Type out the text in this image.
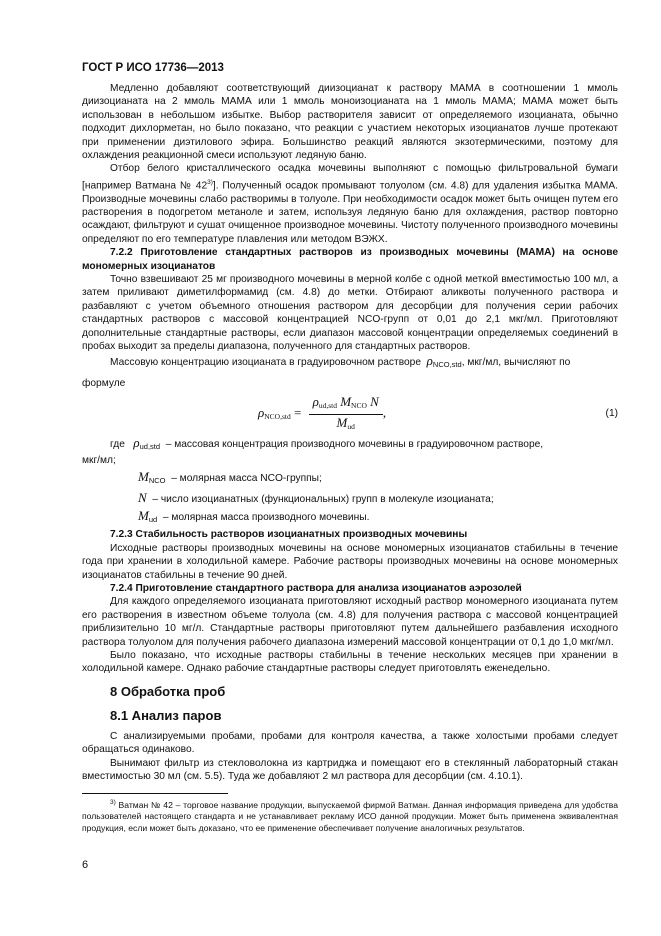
ГОСТ Р ИСО 17736—2013

Медленно добавляют соответствующий диизоцианат к раствору МАМА в соотношении 1 ммоль диизоцианата на 2 ммоль МАМА или 1 ммоль моноизоцианата на 1 ммоль МАМА; МАМА может быть использован в небольшом избытке. Выбор растворителя зависит от определяемого изоцианата, обычно подходит дихлорметан, но было показано, что реакции с участием некоторых изоцианатов лучше протекают при применении диэтилового эфира. Большинство реакций являются экзотермическими, поэтому для охлаждения реакционной смеси используют ледяную баню.

Отбор белого кристаллического осадка мочевины выполняют с помощью фильтровальной бумаги [например Ватмана № 42$^{3)}$]. Полученный осадок промывают толуолом (см. 4.8) для удаления избытка МАМА. Производные мочевины слабо растворимы в толуоле. При необходимости осадок может быть очищен путем его растворения в подогретом метаноле и затем, используя ледяную баню для охлаждения, раствор повторно осаждают, фильтруют и сушат очищенное производное мочевины. Чистоту полученного производного мочевины определяют по его температуре плавления или методом ВЭЖХ.

7.2.2 Приготовление стандартных растворов из производных мочевины (МАМА) на основе мономерных изоцианатов

Точно взвешивают 25 мг производного мочевины в мерной колбе с одной меткой вместимостью 100 мл, а затем приливают диметилформамид (см. 4.8) до метки. Отбирают аликвоты полученного раствора и разбавляют с учетом объемного отношения раствором для десорбции для получения серии рабочих стандартных растворов с массовой концентрацией NCO-групп от 0,01 до 2,1 мкг/мл. Приготовляют дополнительные стандартные растворы, если диапазон массовой концентрации определяемых соединений в пробах выходит за пределы диапазона, полученного для стандартных растворов.

Массовую концентрацию изоцианата в градуировочном растворе $\rho_{NCO,std}$, мкг/мл, вычисляют по

формуле

$\rho_{NCO,std} = \frac{\rho_{ud,std} M_{NCO} N}{M_{ud}}$ ,	(1)

где $\rho_{ud,std}$ – массовая концентрация производного мочевины в градуировочном растворе,

мкг/мл;

$M_{NCO}$ – молярная масса NCO-группы;

N – число изоцианатных (функциональных) групп в молекуле изоцианата;

$M_{ud}$ – молярная масса производного мочевины.

7.2.3 Стабильность растворов изоцианатных производных мочевины

Исходные растворы производных мочевины на основе мономерных изоцианатов стабильны в течение года при хранении в холодильной камере. Рабочие растворы производных мочевины на основе мономерных изоцианатов стабильны в течение 90 дней.

7.2.4 Приготовление стандартного раствора для анализа изоцианатов аэрозолей

Для каждого определяемого изоцианата приготовляют исходный раствор мономерного изоцианата путем его растворения в известном объеме толуола (см. 4.8) для получения раствора с массовой концентрацией приблизительно 10 мг/л. Стандартные растворы приготовляют путем дальнейшего разбавления исходного раствора толуолом для получения рабочего диапазона измерений массовой концентрации от 0,1 до 1,0 мкг/мл.

Было показано, что исходные растворы стабильны в течение нескольких месяцев при хранении в холодильной камере. Однако рабочие стандартные растворы следует приготовлять еженедельно.

8 Обработка проб
8.1 Анализ паров

С анализируемыми пробами, пробами для контроля качества, а также холостыми пробами следует обращаться одинаково.

Вынимают фильтр из стекловолокна из картриджа и помещают его в стеклянный лабораторный стакан вместимостью 30 мл (см. 5.5). Туда же добавляют 2 мл раствора для десорбции (см. 4.10.1).

$^{3)}$ Ватман № 42 – торговое название продукции, выпускаемой фирмой Ватман. Данная информация приведена для удобства пользователей настоящего стандарта и не устанавливает рекламу ИСО данной продукции. Может быть применена эквивалентная продукция, если может быть доказано, что ее применение обеспечивает получение аналогичных результатов.
6
